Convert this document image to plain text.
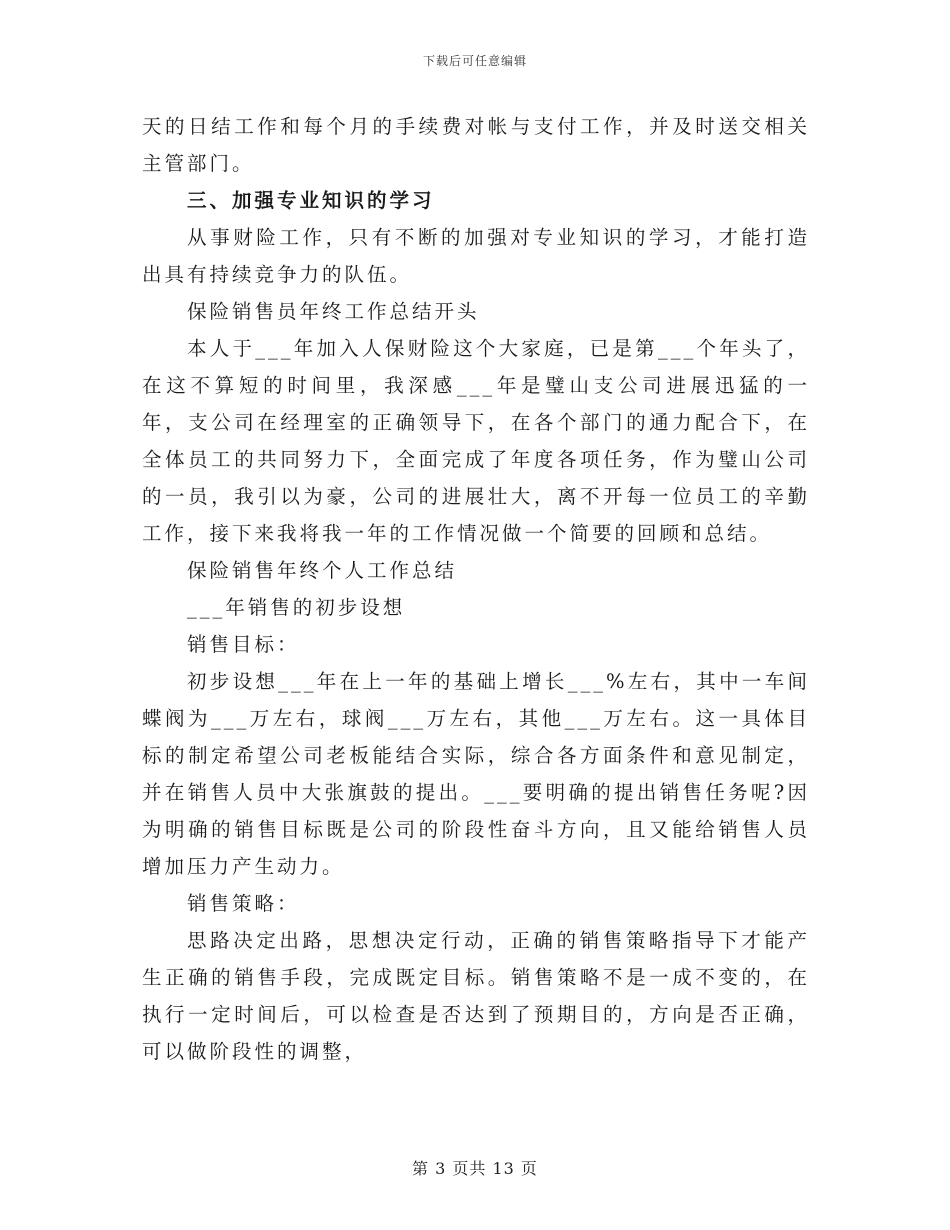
下载后可任意编辑

天的日结工作和每个月的手续费对帐与支付工作，并及时送交相关主管部门。

三、加强专业知识的学习

从事财险工作，只有不断的加强对专业知识的学习，才能打造出具有持续竞争力的队伍。

保险销售员年终工作总结开头

本人于___年加入人保财险这个大家庭，已是第___个年头了，在这不算短的时间里，我深感___年是璧山支公司进展迅猛的一年，支公司在经理室的正确领导下，在各个部门的通力配合下，在全体员工的共同努力下，全面完成了年度各项任务，作为璧山公司的一员，我引以为豪，公司的进展壮大，离不开每一位员工的辛勤工作，接下来我将我一年的工作情况做一个简要的回顾和总结。

保险销售年终个人工作总结

___年销售的初步设想

销售目标：

初步设想___年在上一年的基础上增长___%左右，其中一车间蝶阀为___万左右，球阀___万左右，其他___万左右。这一具体目标的制定希望公司老板能结合实际，综合各方面条件和意见制定，并在销售人员中大张旗鼓的提出。___要明确的提出销售任务呢?因为明确的销售目标既是公司的阶段性奋斗方向，且又能给销售人员增加压力产生动力。

销售策略：

思路决定出路，思想决定行动，正确的销售策略指导下才能产生正确的销售手段，完成既定目标。销售策略不是一成不变的，在执行一定时间后，可以检查是否达到了预期目的，方向是否正确，可以做阶段性的调整，

第 3 页共 13 页
